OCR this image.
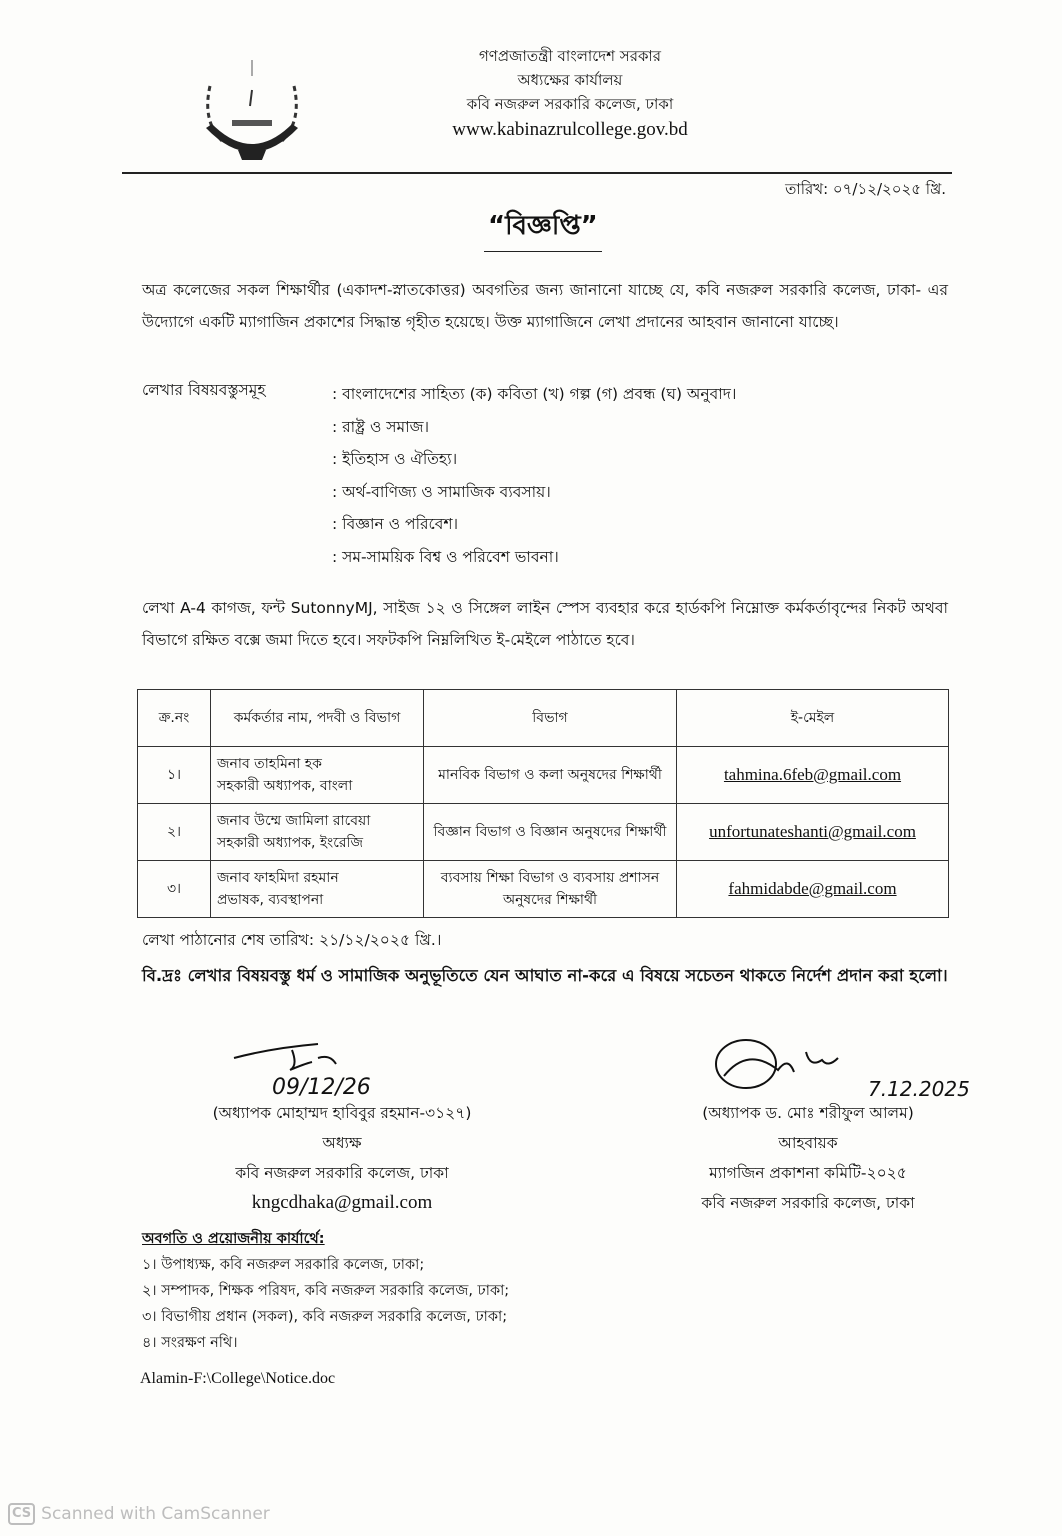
গণপ্রজাতন্ত্রী বাংলাদেশ সরকার
অধ্যক্ষের কার্যালয়
কবি নজরুল সরকারি কলেজ, ঢাকা
www.kabinazrulcollege.gov.bd
তারিখ: ০৭/১২/২০২৫ খ্রি.
“বিজ্ঞপ্তি”
অত্র কলেজের সকল শিক্ষার্থীর (একাদশ-স্নাতকোত্তর) অবগতির জন্য জানানো যাচ্ছে যে, কবি নজরুল সরকারি কলেজ, ঢাকা- এর উদ্যোগে একটি ম্যাগাজিন প্রকাশের সিদ্ধান্ত গৃহীত হয়েছে। উক্ত ম্যাগাজিনে লেখা প্রদানের আহবান জানানো যাচ্ছে।
লেখার বিষয়বস্তুসমূহ	: বাংলাদেশের সাহিত্য (ক) কবিতা (খ) গল্প (গ) প্রবন্ধ (ঘ) অনুবাদ।
: রাষ্ট্র ও সমাজ।
: ইতিহাস ও ঐতিহ্য।
: অর্থ-বাণিজ্য ও সামাজিক ব্যবসায়।
: বিজ্ঞান ও পরিবেশ।
: সম-সাময়িক বিশ্ব ও পরিবেশ ভাবনা।
লেখা A-4 কাগজ, ফন্ট SutonnyMJ, সাইজ ১২ ও সিঙ্গেল লাইন স্পেস ব্যবহার করে হার্ডকপি নিম্নোক্ত কর্মকর্তাবৃন্দের নিকট অথবা বিভাগে রক্ষিত বক্সে জমা দিতে হবে। সফটকপি নিম্নলিখিত ই-মেইলে পাঠাতে হবে।
ক্র.নং	কর্মকর্তার নাম, পদবী ও বিভাগ	বিভাগ	ই-মেইল
১।	জনাব তাহমিনা হক
সহকারী অধ্যাপক, বাংলা	মানবিক বিভাগ ও কলা অনুষদের শিক্ষার্থী	tahmina.6feb@gmail.com
২।	জনাব উম্মে জামিলা রাবেয়া
সহকারী অধ্যাপক, ইংরেজি	বিজ্ঞান বিভাগ ও বিজ্ঞান অনুষদের শিক্ষার্থী	unfortunateshanti@gmail.com
৩।	জনাব ফাহমিদা রহমান
প্রভাষক, ব্যবস্থাপনা	ব্যবসায় শিক্ষা বিভাগ ও ব্যবসায় প্রশাসন অনুষদের শিক্ষার্থী	fahmidabde@gmail.com
লেখা পাঠানোর শেষ তারিখ: ২১/১২/২০২৫ খ্রি.।
বি.দ্রঃ লেখার বিষয়বস্তু ধর্ম ও সামাজিক অনুভূতিতে যেন আঘাত না-করে এ বিষয়ে সচেতন থাকতে নির্দেশ প্রদান করা হলো।
09/12/26
(অধ্যাপক মোহাম্মদ হাবিবুর রহমান-৩১২৭)
অধ্যক্ষ
কবি নজরুল সরকারি কলেজ, ঢাকা
kngcdhaka@gmail.com
7.12.2025
(অধ্যাপক ড. মোঃ শরীফুল আলম)
আহবায়ক
ম্যাগজিন প্রকাশনা কমিটি-২০২৫
কবি নজরুল সরকারি কলেজ, ঢাকা
অবগতি ও প্রয়োজনীয় কার্যার্থে:
১। উপাধ্যক্ষ, কবি নজরুল সরকারি কলেজ, ঢাকা;
২। সম্পাদক, শিক্ষক পরিষদ, কবি নজরুল সরকারি কলেজ, ঢাকা;
৩। বিভাগীয় প্রধান (সকল), কবি নজরুল সরকারি কলেজ, ঢাকা;
৪। সংরক্ষণ নথি।
Alamin-F:\College\Notice.doc
CS Scanned with CamScanner
